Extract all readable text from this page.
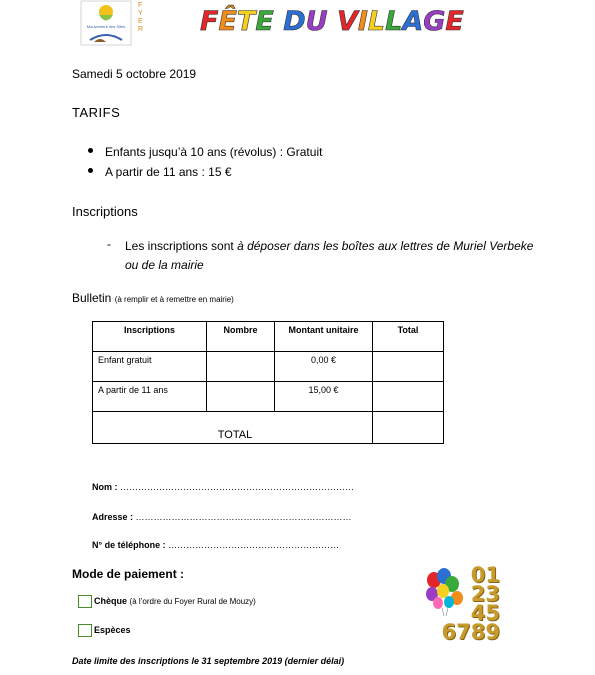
Mouvement des Sites
F
Y
E
R FÊTE DU VILLAGE
Samedi 5 octobre 2019
TARIFS
Enfants jusqu’à 10 ans (révolus) : Gratuit
A partir de 11 ans : 15 €
Inscriptions
- Les inscriptions sont à déposer dans les boîtes aux lettres de Muriel Verbeke ou de la mairie
Bulletin (à remplir et à remettre en mairie)
Inscriptions	Nombre	Montant unitaire	Total
Enfant gratuit		0,00 €	
A partir de 11 ans		15,00 €	
TOTAL			
Nom : ……………………………………………………………………
Adresse : ………………………………………………………………
N° de téléphone : …………………………………………………
Mode de paiement :
Chèque (à l’ordre du Foyer Rural de Mouzy)
Espèces
01
23
45
6789
Date limite des inscriptions le 31 septembre 2019 (dernier délai)
